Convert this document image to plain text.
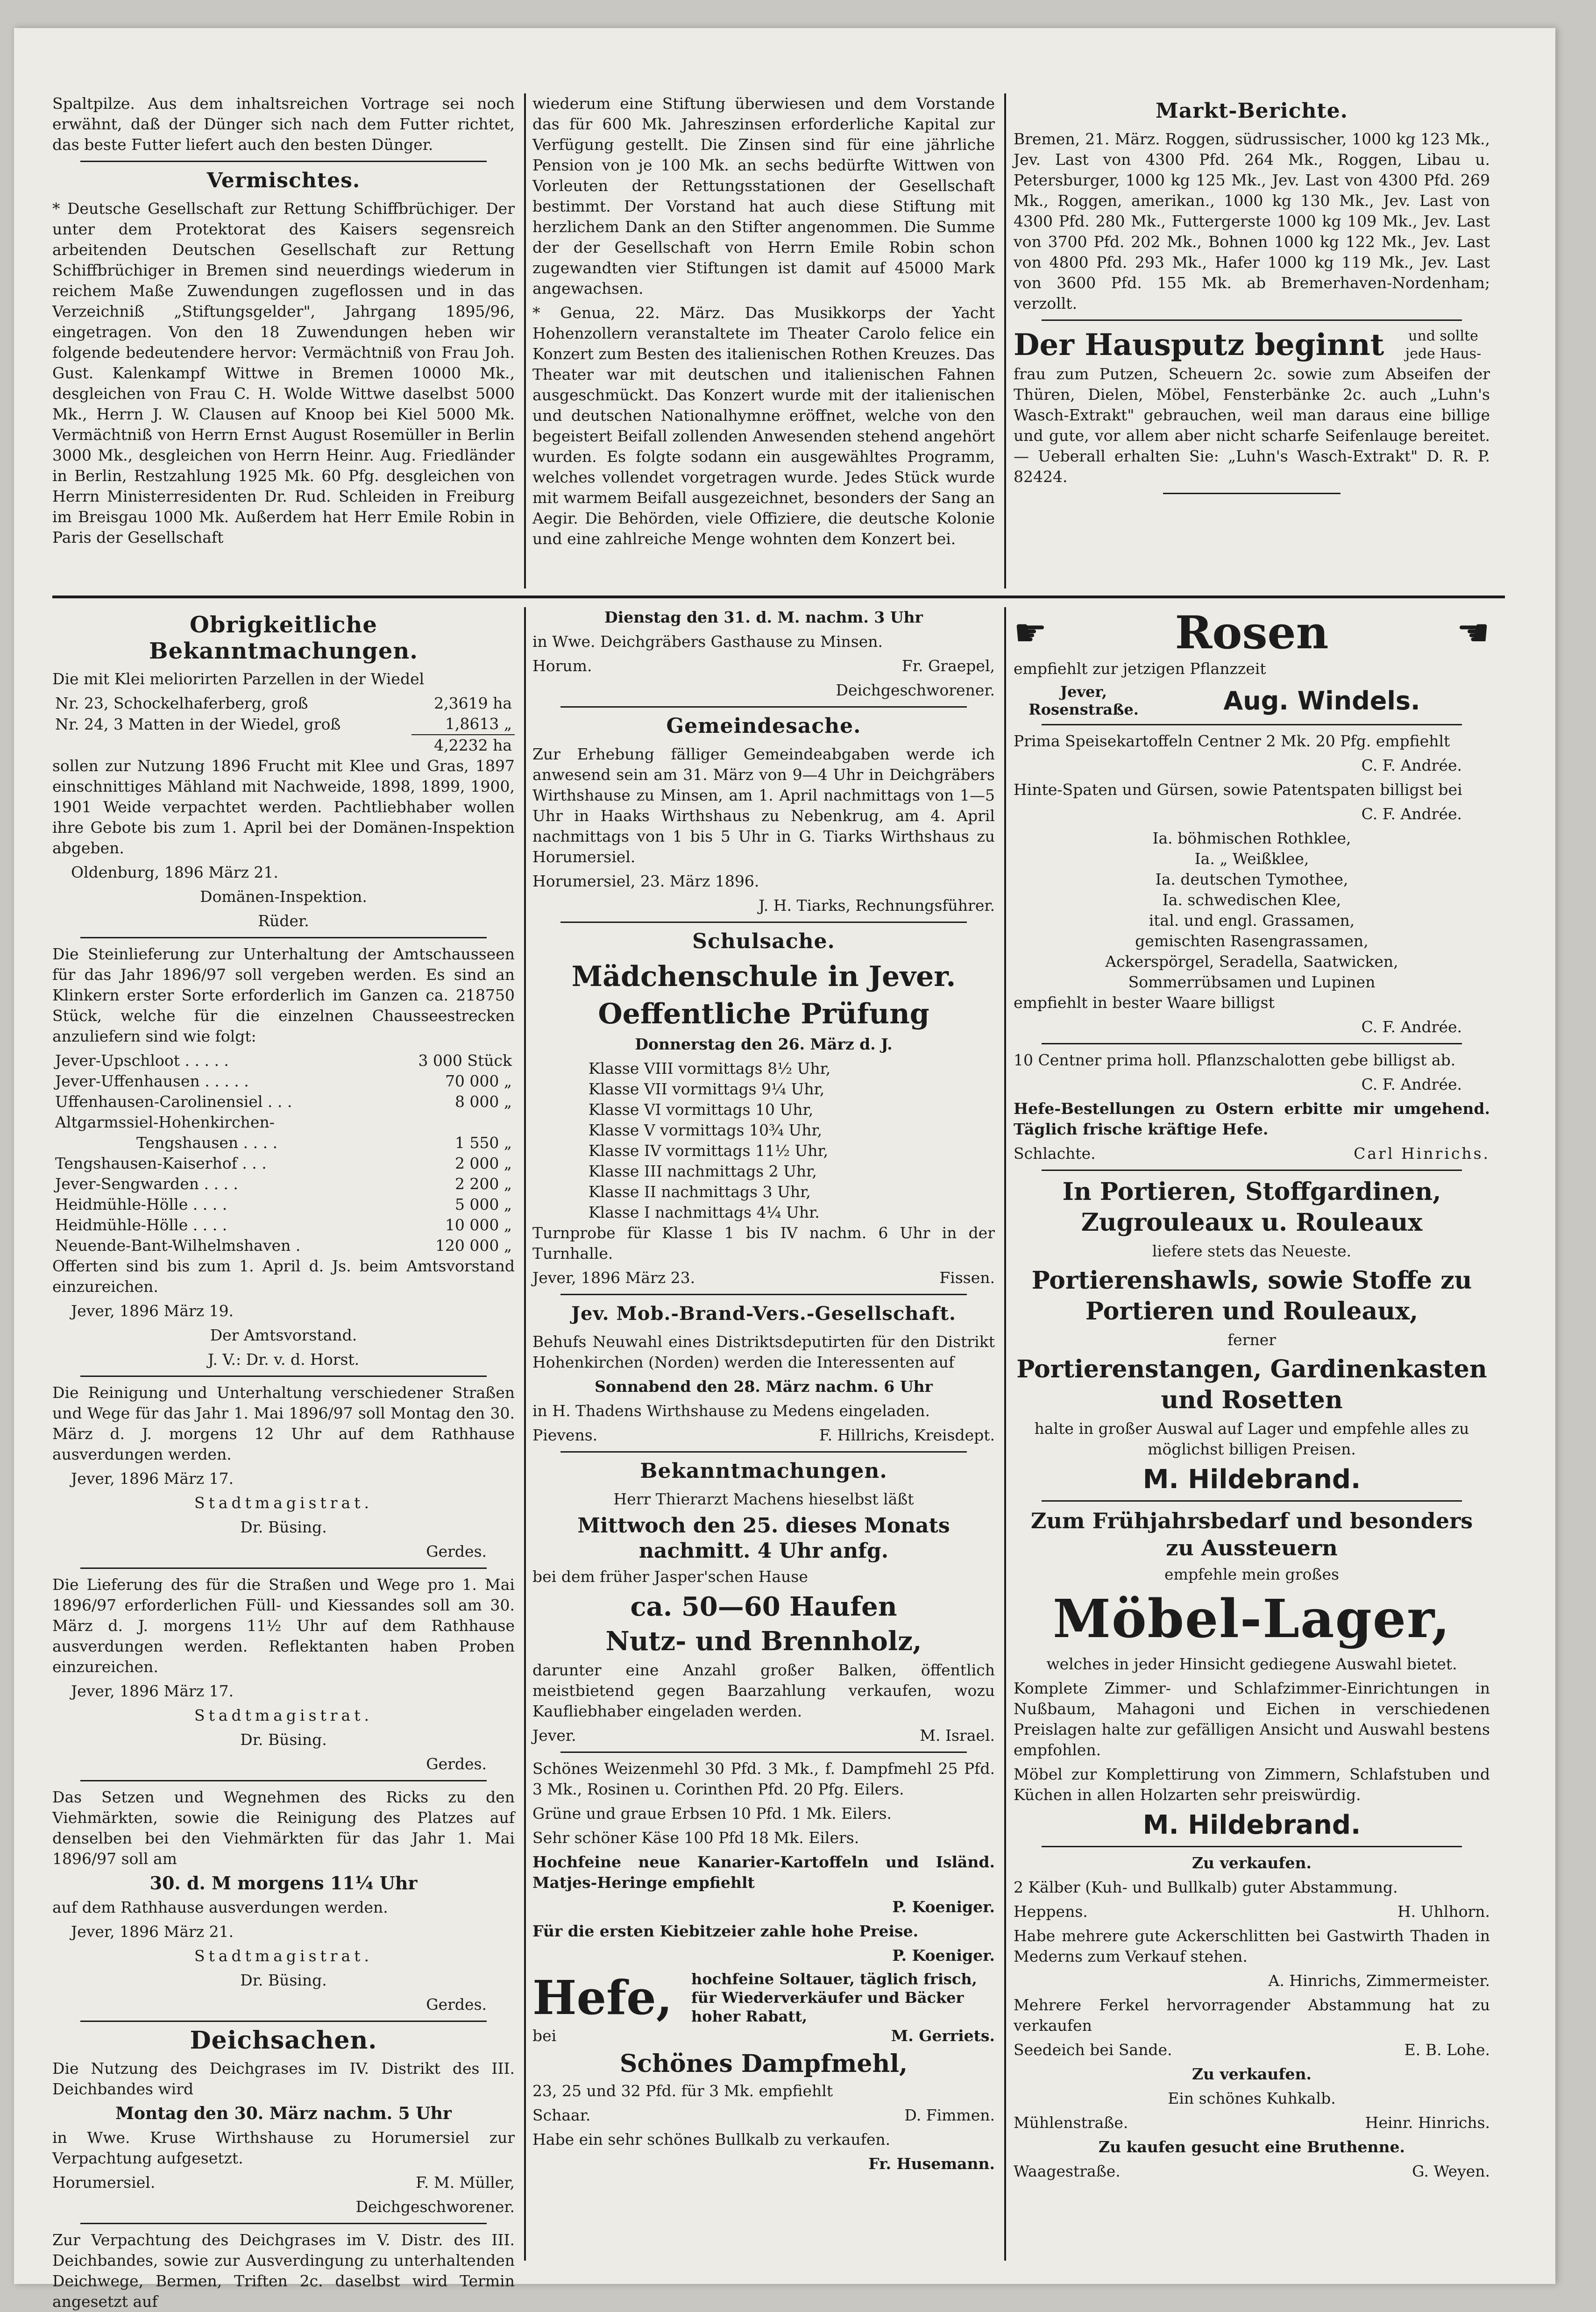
Spaltpilze. Aus dem inhaltsreichen Vortrage sei noch erwähnt, daß der Dünger sich nach dem Futter richtet, das beste Futter liefert auch den besten Dünger.

Vermischtes.

* Deutsche Gesellschaft zur Rettung Schiffbrüchiger. Der unter dem Protektorat des Kaisers segensreich arbeitenden Deutschen Gesellschaft zur Rettung Schiffbrüchiger in Bremen sind neuerdings wiederum in reichem Maße Zuwendungen zugeflossen und in das Verzeichniß „Stiftungsgelder", Jahrgang 1895/96, eingetragen. Von den 18 Zuwendungen heben wir folgende bedeutendere hervor: Vermächtniß von Frau Joh. Gust. Kalenkampf Wittwe in Bremen 10000 Mk., desgleichen von Frau C. H. Wolde Wittwe daselbst 5000 Mk., Herrn J. W. Clausen auf Knoop bei Kiel 5000 Mk. Vermächtniß von Herrn Ernst August Rosemüller in Berlin 3000 Mk., desgleichen von Herrn Heinr. Aug. Friedländer in Berlin, Restzahlung 1925 Mk. 60 Pfg. desgleichen von Herrn Ministerresidenten Dr. Rud. Schleiden in Freiburg im Breisgau 1000 Mk. Außerdem hat Herr Emile Robin in Paris der Gesellschaft

wiederum eine Stiftung überwiesen und dem Vorstande das für 600 Mk. Jahreszinsen erforderliche Kapital zur Verfügung gestellt. Die Zinsen sind für eine jährliche Pension von je 100 Mk. an sechs bedürfte Wittwen von Vorleuten der Rettungsstationen der Gesellschaft bestimmt. Der Vorstand hat auch diese Stiftung mit herzlichem Dank an den Stifter angenommen. Die Summe der der Gesellschaft von Herrn Emile Robin schon zugewandten vier Stiftungen ist damit auf 45000 Mark angewachsen.

* Genua, 22. März. Das Musikkorps der Yacht Hohenzollern veranstaltete im Theater Carolo felice ein Konzert zum Besten des italienischen Rothen Kreuzes. Das Theater war mit deutschen und italienischen Fahnen ausgeschmückt. Das Konzert wurde mit der italienischen und deutschen Nationalhymne eröffnet, welche von den begeistert Beifall zollenden Anwesenden stehend angehört wurden. Es folgte sodann ein ausgewähltes Programm, welches vollendet vorgetragen wurde. Jedes Stück wurde mit warmem Beifall ausgezeichnet, besonders der Sang an Aegir. Die Behörden, viele Offiziere, die deutsche Kolonie und eine zahlreiche Menge wohnten dem Konzert bei.

Markt-Berichte.

Bremen, 21. März. Roggen, südrussischer, 1000 kg 123 Mk., Jev. Last von 4300 Pfd. 264 Mk., Roggen, Libau u. Petersburger, 1000 kg 125 Mk., Jev. Last von 4300 Pfd. 269 Mk., Roggen, amerikan., 1000 kg 130 Mk., Jev. Last von 4300 Pfd. 280 Mk., Futtergerste 1000 kg 109 Mk., Jev. Last von 3700 Pfd. 202 Mk., Bohnen 1000 kg 122 Mk., Jev. Last von 4800 Pfd. 293 Mk., Hafer 1000 kg 119 Mk., Jev. Last von 3600 Pfd. 155 Mk. ab Bremerhaven-Nordenham; verzollt.

Der Hausputz beginnt	und sollte jede Haus-

frau zum Putzen, Scheuern 2c. sowie zum Abseifen der Thüren, Dielen, Möbel, Fensterbänke 2c. auch „Luhn's Wasch-Extrakt" gebrauchen, weil man daraus eine billige und gute, vor allem aber nicht scharfe Seifenlauge bereitet. — Ueberall erhalten Sie: „Luhn's Wasch-Extrakt" D. R. P. 82424.

Obrigkeitliche Bekanntmachungen.

Die mit Klei meliorirten Parzellen in der Wiedel

Nr. 23, Schockelhaferberg, groß	2,3619 ha
Nr. 24, 3 Matten in der Wiedel, groß	1,8613 „
	4,2232 ha

sollen zur Nutzung 1896 Frucht mit Klee und Gras, 1897 einschnittiges Mähland mit Nachweide, 1898, 1899, 1900, 1901 Weide verpachtet werden. Pachtliebhaber wollen ihre Gebote bis zum 1. April bei der Domänen-Inspektion abgeben.

Oldenburg, 1896 März 21.

Domänen-Inspektion.

Rüder.

Die Steinlieferung zur Unterhaltung der Amtschausseen für das Jahr 1896/97 soll vergeben werden. Es sind an Klinkern erster Sorte erforderlich im Ganzen ca. 218750 Stück, welche für die einzelnen Chausseestrecken anzuliefern sind wie folgt:

Jever-Upschloot . . . . .	3 000 Stück
Jever-Uffenhausen . . . . .	70 000 „
Uffenhausen-Carolinensiel . . .	8 000 „
Altgarmssiel-Hohenkirchen-	
Tengshausen . . . .	1 550 „
Tengshausen-Kaiserhof . . .	2 000 „
Jever-Sengwarden . . . .	2 200 „
Heidmühle-Hölle . . . .	5 000 „
Heidmühle-Hölle . . . .	10 000 „
Neuende-Bant-Wilhelmshaven .	120 000 „

Offerten sind bis zum 1. April d. Js. beim Amtsvorstand einzureichen.

Jever, 1896 März 19.

Der Amtsvorstand.

J. V.: Dr. v. d. Horst.

Die Reinigung und Unterhaltung verschiedener Straßen und Wege für das Jahr 1. Mai 1896/97 soll Montag den 30. März d. J. morgens 12 Uhr auf dem Rathhause ausverdungen werden.

Jever, 1896 März 17.

Stadtmagistrat.

Dr. Büsing.

Gerdes.

Die Lieferung des für die Straßen und Wege pro 1. Mai 1896/97 erforderlichen Füll- und Kiessandes soll am 30. März d. J. morgens 11½ Uhr auf dem Rathhause ausverdungen werden. Reflektanten haben Proben einzureichen.

Jever, 1896 März 17.

Stadtmagistrat.

Dr. Büsing.

Gerdes.

Das Setzen und Wegnehmen des Ricks zu den Viehmärkten, sowie die Reinigung des Platzes auf denselben bei den Viehmärkten für das Jahr 1. Mai 1896/97 soll am

30. d. M morgens 11¼ Uhr

auf dem Rathhause ausverdungen werden.

Jever, 1896 März 21.

Stadtmagistrat.

Dr. Büsing.

Gerdes.

Deichsachen.

Die Nutzung des Deichgrases im IV. Distrikt des III. Deichbandes wird

Montag den 30. März nachm. 5 Uhr

in Wwe. Kruse Wirthshause zu Horumersiel zur Verpachtung aufgesetzt.

Horumersiel.	F. M. Müller,

Deichgeschworener.

Zur Verpachtung des Deichgrases im V. Distr. des III. Deichbandes, sowie zur Ausverdingung zu unterhaltenden Deichwege, Bermen, Triften 2c. daselbst wird Termin angesetzt auf

Dienstag den 31. d. M. nachm. 3 Uhr

in Wwe. Deichgräbers Gasthause zu Minsen.

Horum.	Fr. Graepel,

Deichgeschworener.

Gemeindesache.

Zur Erhebung fälliger Gemeindeabgaben werde ich anwesend sein am 31. März von 9—4 Uhr in Deichgräbers Wirthshause zu Minsen, am 1. April nachmittags von 1—5 Uhr in Haaks Wirthshaus zu Nebenkrug, am 4. April nachmittags von 1 bis 5 Uhr in G. Tiarks Wirthshaus zu Horumersiel.

Horumersiel, 23. März 1896.

J. H. Tiarks, Rechnungsführer.

Schulsache.
Mädchenschule in Jever.
Oeffentliche Prüfung

Donnerstag den 26. März d. J.

Klasse VIII vormittags 8½ Uhr,

Klasse VII vormittags 9¼ Uhr,

Klasse VI vormittags 10 Uhr,

Klasse V vormittags 10¾ Uhr,

Klasse IV vormittags 11½ Uhr,

Klasse III nachmittags 2 Uhr,

Klasse II nachmittags 3 Uhr,

Klasse I nachmittags 4¼ Uhr.

Turnprobe für Klasse 1 bis IV nachm. 6 Uhr in der Turnhalle.

Jever, 1896 März 23.	Fissen.

Jev. Mob.-Brand-Vers.-Gesellschaft.

Behufs Neuwahl eines Distriktsdeputirten für den Distrikt Hohenkirchen (Norden) werden die Interessenten auf

Sonnabend den 28. März nachm. 6 Uhr

in H. Thadens Wirthshause zu Medens eingeladen.

Pievens.	F. Hillrichs, Kreisdept.

Bekanntmachungen.

Herr Thierarzt Machens hieselbst läßt

Mittwoch den 25. dieses Monats nachmitt. 4 Uhr anfg.

bei dem früher Jasper'schen Hause

ca. 50—60 Haufen
Nutz- und Brennholz,

darunter eine Anzahl großer Balken, öffentlich meistbietend gegen Baarzahlung verkaufen, wozu Kaufliebhaber eingeladen werden.

Jever.	M. Israel.

Schönes Weizenmehl 30 Pfd. 3 Mk., f. Dampfmehl 25 Pfd. 3 Mk., Rosinen u. Corinthen Pfd. 20 Pfg. Eilers.

Grüne und graue Erbsen 10 Pfd. 1 Mk. Eilers.

Sehr schöner Käse 100 Pfd 18 Mk. Eilers.

Hochfeine neue Kanarier-Kartoffeln und Isländ. Matjes-Heringe empfiehlt

P. Koeniger.

Für die ersten Kiebitzeier zahle hohe Preise.

P. Koeniger.

Hefe,	hochfeine Soltauer, täglich frisch, für Wiederverkäufer und Bäcker hoher Rabatt,

bei	M. Gerriets.

Schönes Dampfmehl,

23, 25 und 32 Pfd. für 3 Mk. empfiehlt

Schaar.	D. Fimmen.

Habe ein sehr schönes Bullkalb zu verkaufen.

Fr. Husemann.

☛	Rosen	☚

empfiehlt zur jetzigen Pflanzzeit

Jever,
Rosenstraße.	Aug. Windels.

Prima Speisekartoffeln Centner 2 Mk. 20 Pfg. empfiehlt

C. F. Andrée.

Hinte-Spaten und Gürsen, sowie Patentspaten billigst bei

C. F. Andrée.

Ia. böhmischen Rothklee,

Ia. „ Weißklee,

Ia. deutschen Tymothee,

Ia. schwedischen Klee,

ital. und engl. Grassamen,

gemischten Rasengrassamen,

Ackerspörgel, Seradella, Saatwicken,

Sommerrübsamen und Lupinen

empfiehlt in bester Waare billigst

C. F. Andrée.

10 Centner prima holl. Pflanzschalotten gebe billigst ab.

C. F. Andrée.

Hefe-Bestellungen zu Ostern erbitte mir umgehend. Täglich frische kräftige Hefe.

Schlachte.	Carl Hinrichs.

In Portieren, Stoffgardinen, Zugrouleaux u. Rouleaux

liefere stets das Neueste.

Portierenshawls, sowie Stoffe zu Portieren und Rouleaux,

ferner

Portierenstangen, Gardinenkasten und Rosetten

halte in großer Auswal auf Lager und empfehle alles zu möglichst billigen Preisen.

M. Hildebrand.
Zum Frühjahrsbedarf und besonders zu Aussteuern

empfehle mein großes

Möbel-Lager,

welches in jeder Hinsicht gediegene Auswahl bietet.

Komplete Zimmer- und Schlafzimmer-Einrichtungen in Nußbaum, Mahagoni und Eichen in verschiedenen Preislagen halte zur gefälligen Ansicht und Auswahl bestens empfohlen.

Möbel zur Komplettirung von Zimmern, Schlafstuben und Küchen in allen Holzarten sehr preiswürdig.

M. Hildebrand.

Zu verkaufen.

2 Kälber (Kuh- und Bullkalb) guter Abstammung.

Heppens.	H. Uhlhorn.

Habe mehrere gute Ackerschlitten bei Gastwirth Thaden in Mederns zum Verkauf stehen.

A. Hinrichs, Zimmermeister.

Mehrere Ferkel hervorragender Abstammung hat zu verkaufen

Seedeich bei Sande.	E. B. Lohe.

Zu verkaufen.

Ein schönes Kuhkalb.

Mühlenstraße.	Heinr. Hinrichs.

Zu kaufen gesucht eine Bruthenne.

Waagestraße.	G. Weyen.
